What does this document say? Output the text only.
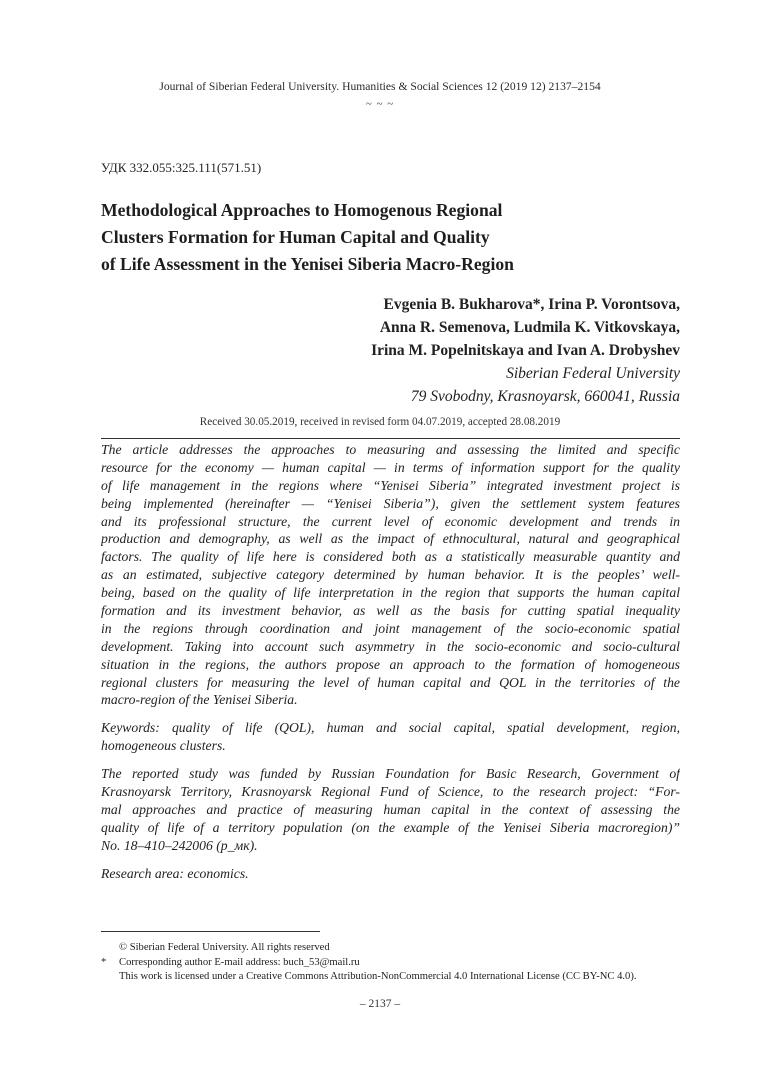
Journal of Siberian Federal University. Humanities & Social Sciences 12 (2019 12) 2137–2154
~ ~ ~
УДК 332.055:325.111(571.51)
Methodological Approaches to Homogenous Regional
Clusters Formation for Human Capital and Quality
of Life Assessment in the Yenisei Siberia Macro-Region
Evgenia B. Bukharova*, Irina P. Vorontsova,
Anna R. Semenova, Ludmila K. Vitkovskaya,
Irina M. Popelnitskaya and Ivan A. Drobyshev
Siberian Federal University
79 Svobodny, Krasnoyarsk, 660041, Russia
Received 30.05.2019, received in revised form 04.07.2019, accepted 28.08.2019

The article addresses the approaches to measuring and assessing the limited and specific
resource for the economy — human capital — in terms of information support for the quality
of life management in the regions where “Yenisei Siberia” integrated investment project is
being implemented (hereinafter — “Yenisei Siberia”), given the settlement system features
and its professional structure, the current level of economic development and trends in
production and demography, as well as the impact of ethnocultural, natural and geographical
factors. The quality of life here is considered both as a statistically measurable quantity and
as an estimated, subjective category determined by human behavior. It is the peoples’ well-
being, based on the quality of life interpretation in the region that supports the human capital
formation and its investment behavior, as well as the basis for cutting spatial inequality
in the regions through coordination and joint management of the socio-economic spatial
development. Taking into account such asymmetry in the socio-economic and socio-cultural
situation in the regions, the authors propose an approach to the formation of homogeneous
regional clusters for measuring the level of human capital and QOL in the territories of the
macro-region of the Yenisei Siberia.

Keywords: quality of life (QOL), human and social capital, spatial development, region,
homogeneous clusters.

The reported study was funded by Russian Foundation for Basic Research, Government of
Krasnoyarsk Territory, Krasnoyarsk Regional Fund of Science, to the research project: “For-
mal approaches and practice of measuring human capital in the context of assessing the
quality of life of a territory population (on the example of the Yenisei Siberia macroregion)”
No. 18–410–242006 (р_мк).

Research area: economics.

© Siberian Federal University. All rights reserved
* Corresponding author E-mail address: buch_53@mail.ru
This work is licensed under a Creative Commons Attribution-NonCommercial 4.0 International License (CC BY-NC 4.0).
– 2137 –
